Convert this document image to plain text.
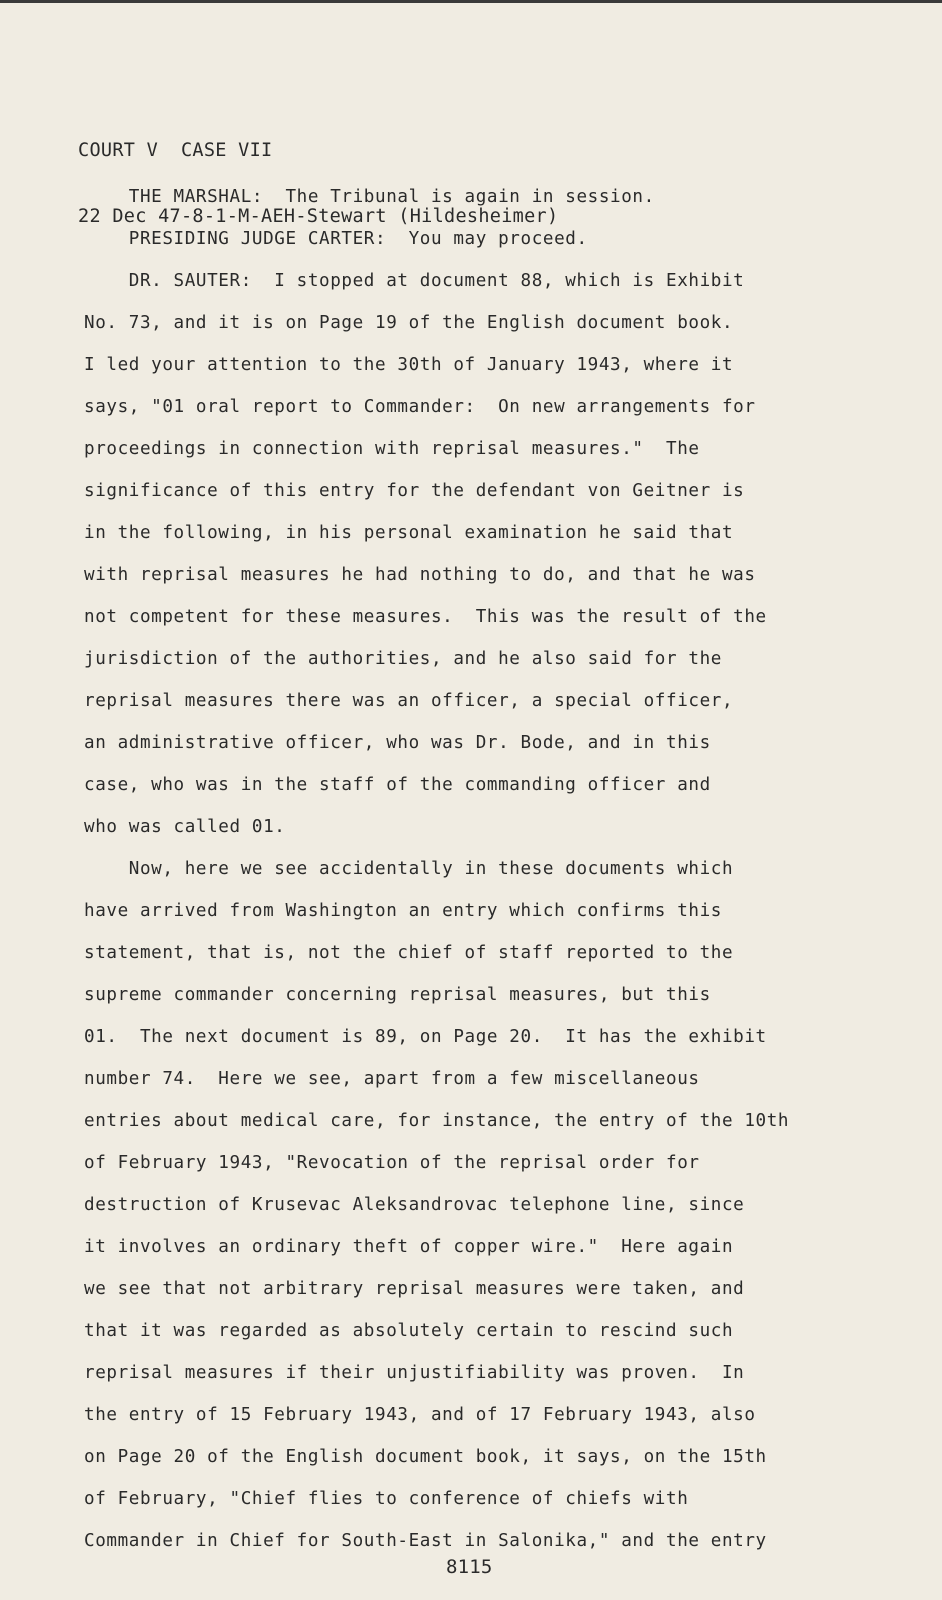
COURT V  CASE VII

22 Dec 47-8-1-M-AEH-Stewart (Hildesheimer)

THE MARSHAL:  The Tribunal is again in session.
PRESIDING JUDGE CARTER:  You may proceed.
DR. SAUTER:  I stopped at document 88, which is Exhibit
No. 73, and it is on Page 19 of the English document book.
I led your attention to the 30th of January 1943, where it
says, "01 oral report to Commander:  On new arrangements for
proceedings in connection with reprisal measures."  The
significance of this entry for the defendant von Geitner is
in the following, in his personal examination he said that
with reprisal measures he had nothing to do, and that he was
not competent for these measures.  This was the result of the
jurisdiction of the authorities, and he also said for the
reprisal measures there was an officer, a special officer,
an administrative officer, who was Dr. Bode, and in this
case, who was in the staff of the commanding officer and
who was called 01.
Now, here we see accidentally in these documents which
have arrived from Washington an entry which confirms this
statement, that is, not the chief of staff reported to the
supreme commander concerning reprisal measures, but this
01.  The next document is 89, on Page 20.  It has the exhibit
number 74.  Here we see, apart from a few miscellaneous
entries about medical care, for instance, the entry of the 10th
of February 1943, "Revocation of the reprisal order for
destruction of Krusevac Aleksandrovac telephone line, since
it involves an ordinary theft of copper wire."  Here again
we see that not arbitrary reprisal measures were taken, and
that it was regarded as absolutely certain to rescind such
reprisal measures if their unjustifiability was proven.  In
the entry of 15 February 1943, and of 17 February 1943, also
on Page 20 of the English document book, it says, on the 15th
of February, "Chief flies to conference of chiefs with
Commander in Chief for South-East in Salonika," and the entry
8115
